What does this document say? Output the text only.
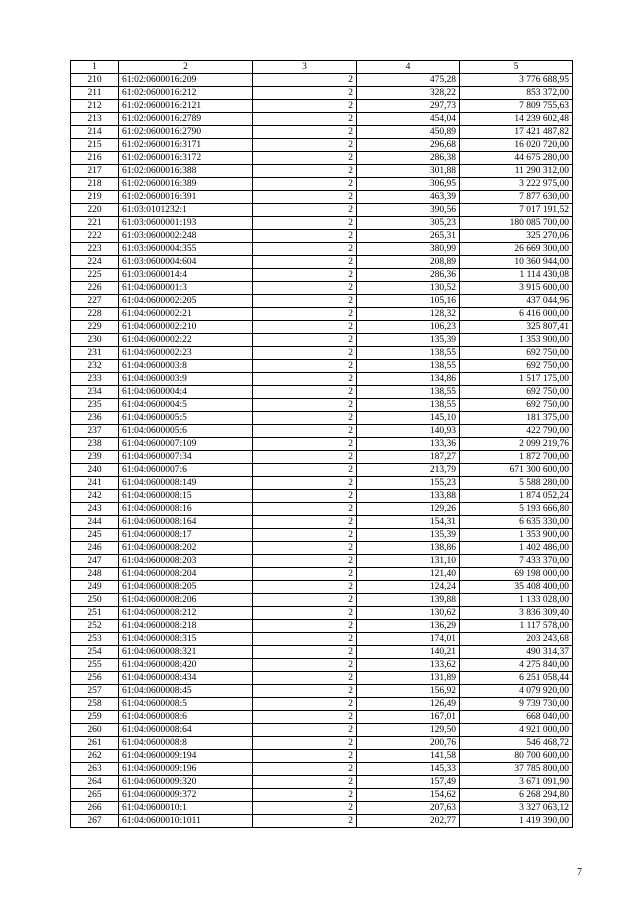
1	2	3	4	5
210	61:02:0600016:209	2	475,28	3 776 688,95
211	61:02:0600016:212	2	328,22	853 372,00
212	61:02:0600016:2121	2	297,73	7 809 755,63
213	61:02:0600016:2789	2	454,04	14 239 602,48
214	61:02:0600016:2790	2	450,89	17 421 487,82
215	61:02:0600016:3171	2	296,68	16 020 720,00
216	61:02:0600016:3172	2	286,38	44 675 280,00
217	61:02:0600016:388	2	301,88	11 290 312,00
218	61:02:0600016:389	2	306,95	3 222 975,00
219	61:02:0600016:391	2	463,39	7 877 630,00
220	61:03:0101232:1	2	390,56	7 017 191,52
221	61:03:0600001:193	2	305,23	180 085 700,00
222	61:03:0600002:248	2	265,31	325 270,06
223	61:03:0600004:355	2	380,99	26 669 300,00
224	61:03:0600004:604	2	208,89	10 360 944,00
225	61:03:0600014:4	2	286,36	1 114 430,08
226	61:04:0600001:3	2	130,52	3 915 600,00
227	61:04:0600002:205	2	105,16	437 044,96
228	61:04:0600002:21	2	128,32	6 416 000,00
229	61:04:0600002:210	2	106,23	325 807,41
230	61:04:0600002:22	2	135,39	1 353 900,00
231	61:04:0600002:23	2	138,55	692 750,00
232	61:04:0600003:8	2	138,55	692 750,00
233	61:04:0600003:9	2	134,86	1 517 175,00
234	61:04:0600004:4	2	138,55	692 750,00
235	61:04:0600004:5	2	138,55	692 750,00
236	61:04:0600005:5	2	145,10	181 375,00
237	61:04:0600005:6	2	140,93	422 790,00
238	61:04:0600007:109	2	133,36	2 099 219,76
239	61:04:0600007:34	2	187,27	1 872 700,00
240	61:04:0600007:6	2	213,79	671 300 600,00
241	61:04:0600008:149	2	155,23	5 588 280,00
242	61:04:0600008:15	2	133,88	1 874 052,24
243	61:04:0600008:16	2	129,26	5 193 666,80
244	61:04:0600008:164	2	154,31	6 635 330,00
245	61:04:0600008:17	2	135,39	1 353 900,00
246	61:04:0600008:202	2	138,86	1 402 486,00
247	61:04:0600008:203	2	131,10	7 433 370,00
248	61:04:0600008:204	2	121,40	69 198 000,00
249	61:04:0600008:205	2	124,24	35 408 400,00
250	61:04:0600008:206	2	139,88	1 133 028,00
251	61:04:0600008:212	2	130,62	3 836 309,40
252	61:04:0600008:218	2	136,29	1 117 578,00
253	61:04:0600008:315	2	174,01	203 243,68
254	61:04:0600008:321	2	140,21	490 314,37
255	61:04:0600008:420	2	133,62	4 275 840,00
256	61:04:0600008:434	2	131,89	6 251 058,44
257	61:04:0600008:45	2	156,92	4 079 920,00
258	61:04:0600008:5	2	126,49	9 739 730,00
259	61:04:0600008:6	2	167,01	668 040,00
260	61:04:0600008:64	2	129,50	4 921 000,00
261	61:04:0600008:8	2	200,76	546 468,72
262	61:04:0600009:194	2	141,58	80 700 600,00
263	61:04:0600009:196	2	145,33	37 785 800,00
264	61:04:0600009:320	2	157,49	3 671 091,90
265	61:04:0600009:372	2	154,62	6 268 294,80
266	61:04:0600010:1	2	207,63	3 327 063,12
267	61:04:0600010:1011	2	202,77	1 419 390,00
7
